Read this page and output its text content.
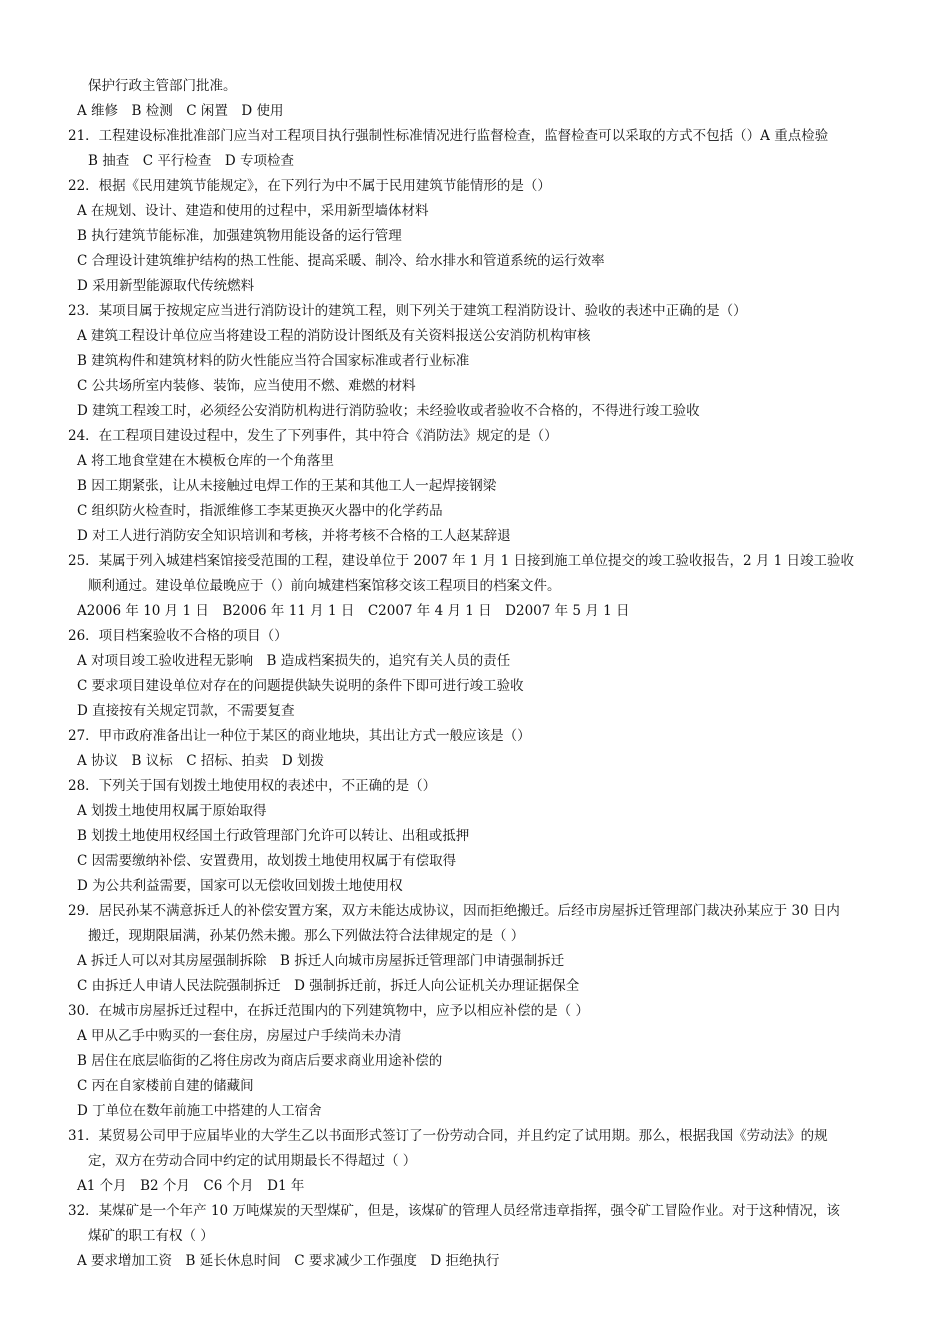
保护行政主管部门批准。
A 维修　B 检测　C 闲置　D 使用
21．工程建设标准批准部门应当对工程项目执行强制性标准情况进行监督检查，监督检查可以采取的方式不包括（）A 重点检验
B 抽查　C 平行检查　D 专项检查
22．根据《民用建筑节能规定》，在下列行为中不属于民用建筑节能情形的是（）
A 在规划、设计、建造和使用的过程中，采用新型墙体材料
B 执行建筑节能标准，加强建筑物用能设备的运行管理
C 合理设计建筑维护结构的热工性能、提高采暖、制冷、给水排水和管道系统的运行效率
D 采用新型能源取代传统燃料
23．某项目属于按规定应当进行消防设计的建筑工程，则下列关于建筑工程消防设计、验收的表述中正确的是（）
A 建筑工程设计单位应当将建设工程的消防设计图纸及有关资料报送公安消防机构审核
B 建筑构件和建筑材料的防火性能应当符合国家标准或者行业标准
C 公共场所室内装修、装饰，应当使用不燃、难燃的材料
D 建筑工程竣工时，必须经公安消防机构进行消防验收；未经验收或者验收不合格的，不得进行竣工验收
24．在工程项目建设过程中，发生了下列事件，其中符合《消防法》规定的是（）
A 将工地食堂建在木模板仓库的一个角落里
B 因工期紧张，让从未接触过电焊工作的王某和其他工人一起焊接钢梁
C 组织防火检查时，指派维修工李某更换灭火器中的化学药品
D 对工人进行消防安全知识培训和考核，并将考核不合格的工人赵某辞退
25．某属于列入城建档案馆接受范围的工程，建设单位于 2007 年 1 月 1 日接到施工单位提交的竣工验收报告，2 月 1 日竣工验收
顺利通过。建设单位最晚应于（）前向城建档案馆移交该工程项目的档案文件。
A2006 年 10 月 1 日　B2006 年 11 月 1 日　C2007 年 4 月 1 日　D2007 年 5 月 1 日
26．项目档案验收不合格的项目（）
A 对项目竣工验收进程无影响　B 造成档案损失的，追究有关人员的责任
C 要求项目建设单位对存在的问题提供缺失说明的条件下即可进行竣工验收
D 直接按有关规定罚款，不需要复查
27．甲市政府准备出让一种位于某区的商业地块，其出让方式一般应该是（）
A 协议　B 议标　C 招标、拍卖　D 划拨
28．下列关于国有划拨土地使用权的表述中，不正确的是（）
A 划拨土地使用权属于原始取得
B 划拨土地使用权经国土行政管理部门允许可以转让、出租或抵押
C 因需要缴纳补偿、安置费用，故划拨土地使用权属于有偿取得
D 为公共利益需要，国家可以无偿收回划拨土地使用权
29．居民孙某不满意拆迁人的补偿安置方案，双方未能达成协议，因而拒绝搬迁。后经市房屋拆迁管理部门裁决孙某应于 30 日内
搬迁，现期限届满，孙某仍然未搬。那么下列做法符合法律规定的是（ ）
A 拆迁人可以对其房屋强制拆除　B 拆迁人向城市房屋拆迁管理部门申请强制拆迁
C 由拆迁人申请人民法院强制拆迁　D 强制拆迁前，拆迁人向公证机关办理证据保全
30．在城市房屋拆迁过程中，在拆迁范围内的下列建筑物中，应予以相应补偿的是（ ）
A 甲从乙手中购买的一套住房，房屋过户手续尚未办清
B 居住在底层临街的乙将住房改为商店后要求商业用途补偿的
C 丙在自家楼前自建的储藏间
D 丁单位在数年前施工中搭建的人工宿舍
31．某贸易公司甲于应届毕业的大学生乙以书面形式签订了一份劳动合同，并且约定了试用期。那么，根据我国《劳动法》的规
定，双方在劳动合同中约定的试用期最长不得超过（ ）
A1 个月　B2 个月　C6 个月　D1 年
32．某煤矿是一个年产 10 万吨煤炭的天型煤矿，但是，该煤矿的管理人员经常违章指挥，强令矿工冒险作业。对于这种情况，该
煤矿的职工有权（ ）
A 要求增加工资　B 延长休息时间　C 要求减少工作强度　D 拒绝执行
